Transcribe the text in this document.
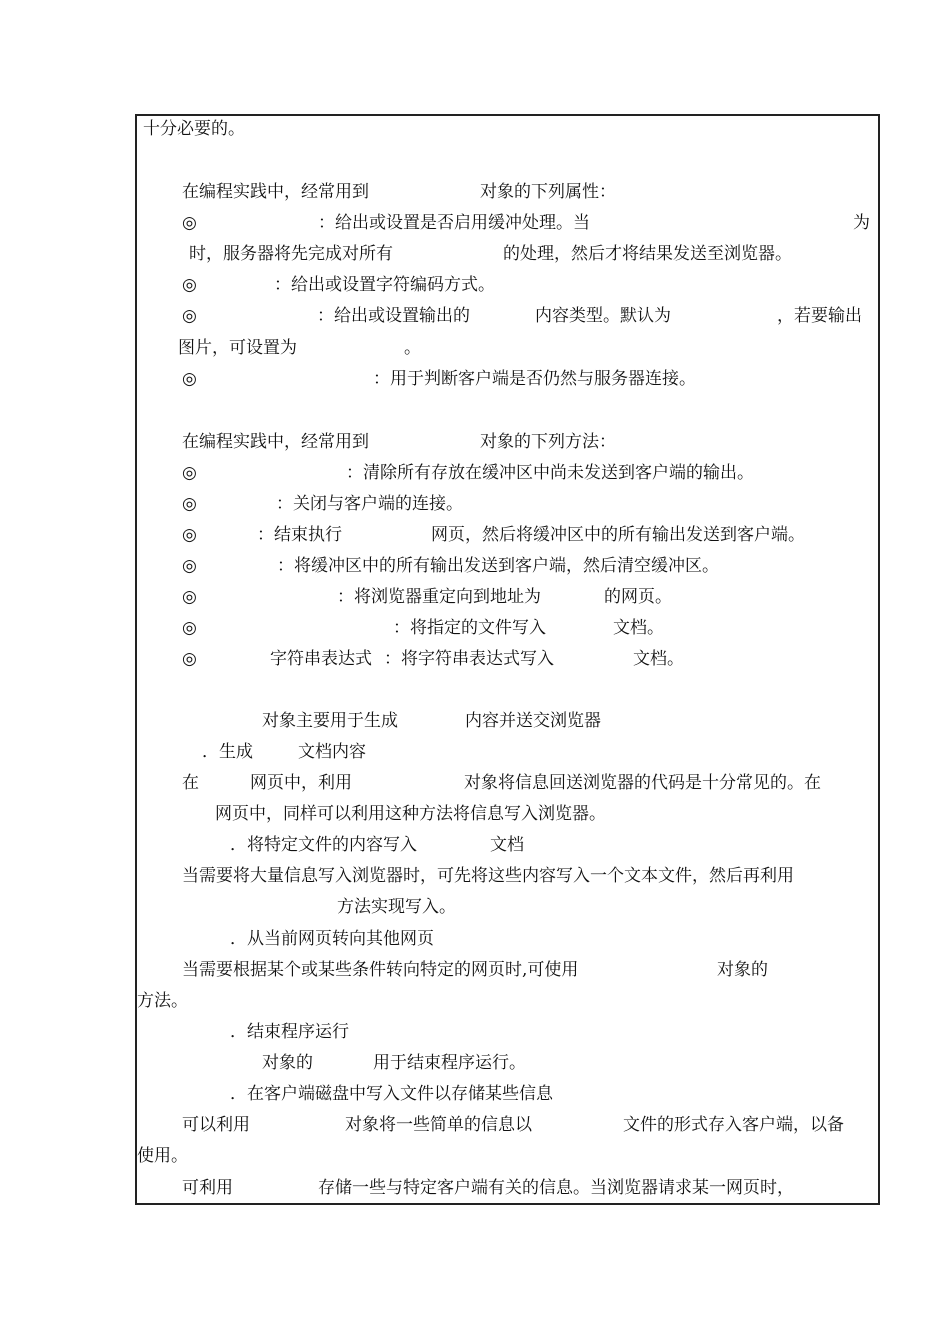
十分必要的。
在编程实践中，经常用到	对象的下列属性：
◎	：给出或设置是否启用缓冲处理。当	为
时，服务器将先完成对所有	的处理，然后才将结果发送至浏览器。
◎	：给出或设置字符编码方式。
◎	：给出或设置输出的	内容类型。默认为	，若要输出
图片，可设置为	。
◎	：用于判断客户端是否仍然与服务器连接。
在编程实践中，经常用到	对象的下列方法：
◎	：清除所有存放在缓冲区中尚未发送到客户端的输出。
◎	：关闭与客户端的连接。
◎	：结束执行	网页，然后将缓冲区中的所有输出发送到客户端。
◎	：将缓冲区中的所有输出发送到客户端，然后清空缓冲区。
◎	：将浏览器重定向到地址为	的网页。
◎	：将指定的文件写入	文档。
◎	字符串表达式 ：将字符串表达式写入	文档。
对象主要用于生成	内容并送交浏览器
．生成	文档内容
在	网页中，利用	对象将信息回送浏览器的代码是十分常见的。在
网页中，同样可以利用这种方法将信息写入浏览器。
．将特定文件的内容写入	文档
当需要将大量信息写入浏览器时，可先将这些内容写入一个文本文件，然后再利用
方法实现写入。
．从当前网页转向其他网页
当需要根据某个或某些条件转向特定的网页时,可使用	对象的
方法。
．结束程序运行
对象的	用于结束程序运行。
．在客户端磁盘中写入文件以存储某些信息
可以利用	对象将一些简单的信息以	文件的形式存入客户端，以备
使用。
可利用	存储一些与特定客户端有关的信息。当浏览器请求某一网页时，
